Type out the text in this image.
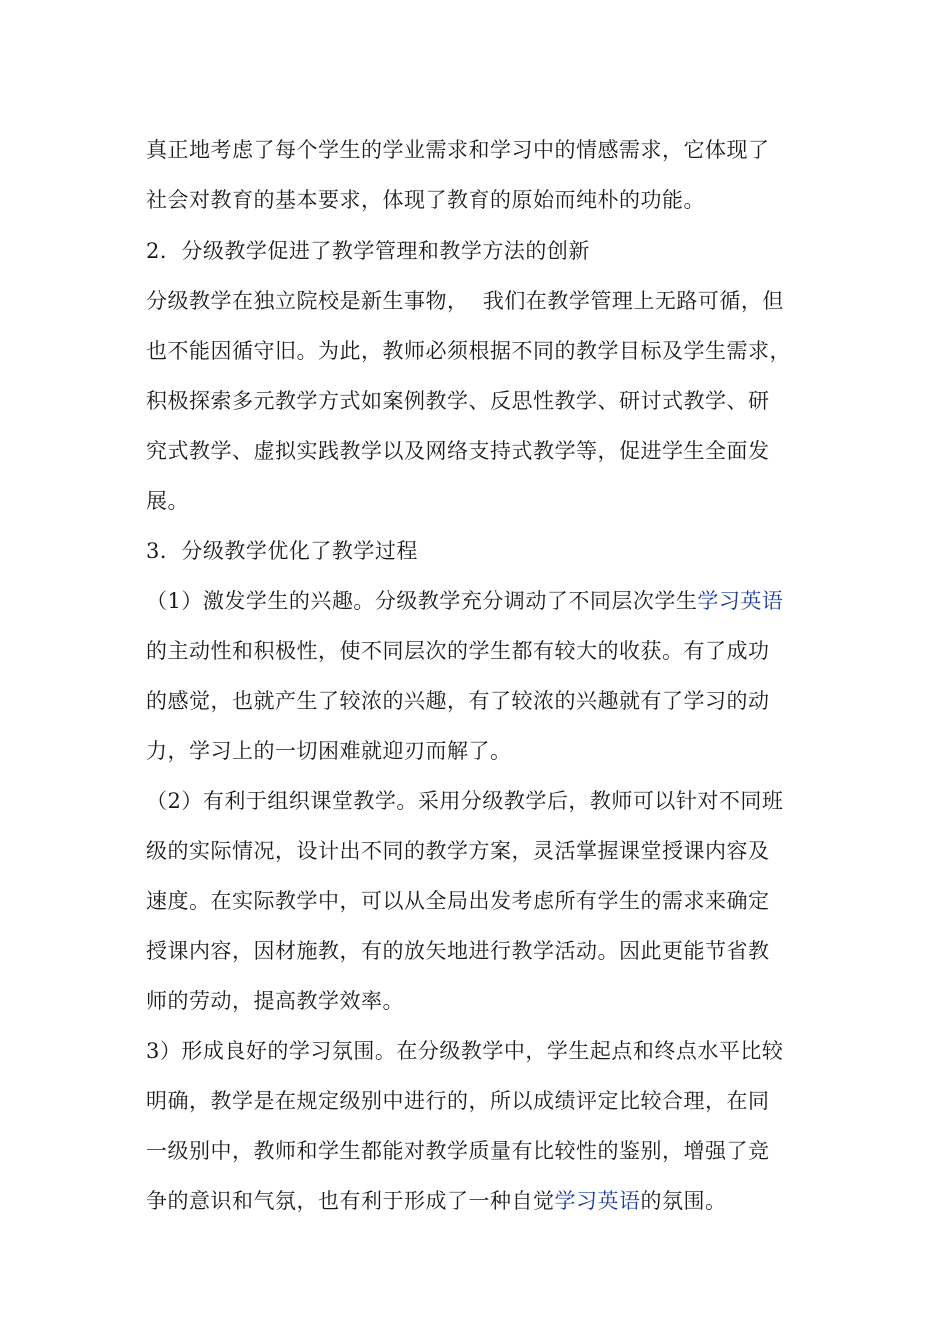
真正地考虑了每个学生的学业需求和学习中的情感需求，它体现了
社会对教育的基本要求，体现了教育的原始而纯朴的功能。
2．分级教学促进了教学管理和教学方法的创新
分级教学在独立院校是新生事物，  我们在教学管理上无路可循，但
也不能因循守旧。为此，教师必须根据不同的教学目标及学生需求，
积极探索多元教学方式如案例教学、反思性教学、研讨式教学、研
究式教学、虚拟实践教学以及网络支持式教学等，促进学生全面发
展。
3．分级教学优化了教学过程
（1）激发学生的兴趣。分级教学充分调动了不同层次学生学习英语
的主动性和积极性，使不同层次的学生都有较大的收获。有了成功
的感觉，也就产生了较浓的兴趣，有了较浓的兴趣就有了学习的动
力，学习上的一切困难就迎刃而解了。
（2）有利于组织课堂教学。采用分级教学后，教师可以针对不同班
级的实际情况，设计出不同的教学方案，灵活掌握课堂授课内容及
速度。在实际教学中，可以从全局出发考虑所有学生的需求来确定
授课内容，因材施教，有的放矢地进行教学活动。因此更能节省教
师的劳动，提高教学效率。
3）形成良好的学习氛围。在分级教学中，学生起点和终点水平比较
明确，教学是在规定级别中进行的，所以成绩评定比较合理，在同
一级别中，教师和学生都能对教学质量有比较性的鉴别，增强了竞
争的意识和气氛，也有利于形成了一种自觉学习英语的氛围。
